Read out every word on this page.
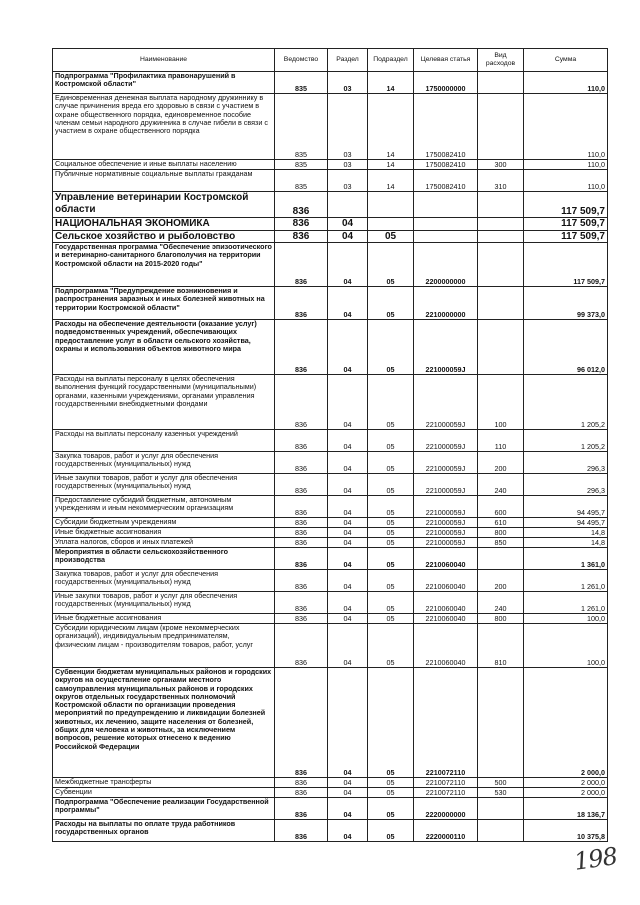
Наименование	Ведомство	Раздел	Подраздел	Целевая статья	Вид расходов	Сумма
Подпрограмма "Профилактика правонарушений в Костромской области"	835	03	14	1750000000		110,0
Единовременная денежная выплата народному дружиннику в случае причинения вреда его здоровью в связи с участием в охране общественного порядка, единовременное пособие членам семьи народного дружинника в случае гибели в связи с участием в охране общественного порядка	835	03	14	1750082410		110,0
Социальное обеспечение и иные выплаты населению	835	03	14	1750082410	300	110,0
Публичные нормативные социальные выплаты гражданам	835	03	14	1750082410	310	110,0
Управление ветеринарии Костромской области	836					117 509,7
НАЦИОНАЛЬНАЯ ЭКОНОМИКА	836	04				117 509,7
Сельское хозяйство и рыболовство	836	04	05			117 509,7
Государственная программа "Обеспечение эпизоотического и ветеринарно-санитарного благополучия на территории Костромской области на 2015-2020 годы"	836	04	05	2200000000		117 509,7
Подпрограмма "Предупреждение возникновения и распространения заразных и иных болезней животных на территории Костромской области"	836	04	05	2210000000		99 373,0
Расходы на обеспечение деятельности (оказание услуг) подведомственных учреждений, обеспечивающих предоставление услуг в области сельского хозяйства, охраны и использования объектов животного мира	836	04	05	221000059J		96 012,0
Расходы на выплаты персоналу в целях обеспечения выполнения функций государственными (муниципальными) органами, казенными учреждениями, органами управления государственными внебюджетными фондами	836	04	05	221000059J	100	1 205,2
Расходы на выплаты персоналу казенных учреждений	836	04	05	221000059J	110	1 205,2
Закупка товаров, работ и услуг для обеспечения государственных (муниципальных) нужд	836	04	05	221000059J	200	296,3
Иные закупки товаров, работ и услуг для обеспечения государственных (муниципальных) нужд	836	04	05	221000059J	240	296,3
Предоставление субсидий бюджетным, автономным учреждениям и иным некоммерческим организациям	836	04	05	221000059J	600	94 495,7
Субсидии бюджетным учреждениям	836	04	05	221000059J	610	94 495,7
Иные бюджетные ассигнования	836	04	05	221000059J	800	14,8
Уплата налогов, сборов и иных платежей	836	04	05	221000059J	850	14,8
Мероприятия в области сельскохозяйственного производства	836	04	05	2210060040		1 361,0
Закупка товаров, работ и услуг для обеспечения государственных (муниципальных) нужд	836	04	05	2210060040	200	1 261,0
Иные закупки товаров, работ и услуг для обеспечения государственных (муниципальных) нужд	836	04	05	2210060040	240	1 261,0
Иные бюджетные ассигнования	836	04	05	2210060040	800	100,0
Субсидии юридическим лицам (кроме некоммерческих организаций), индивидуальным предпринимателям, физическим лицам - производителям товаров, работ, услуг	836	04	05	2210060040	810	100,0
Субвенции бюджетам муниципальных районов и городских округов на осуществление органами местного самоуправления муниципальных районов и городских округов отдельных государственных полномочий Костромской области по организации проведения мероприятий по предупреждению и ликвидации болезней животных, их лечению, защите населения от болезней, общих для человека и животных, за исключением вопросов, решение которых отнесено к ведению Российской Федерации	836	04	05	2210072110		2 000,0
Межбюджетные трансферты	836	04	05	2210072110	500	2 000,0
Субвенции	836	04	05	2210072110	530	2 000,0
Подпрограмма "Обеспечение реализации Государственной программы"	836	04	05	2220000000		18 136,7
Расходы на выплаты по оплате труда работников государственных органов	836	04	05	2220000110		10 375,8
198
